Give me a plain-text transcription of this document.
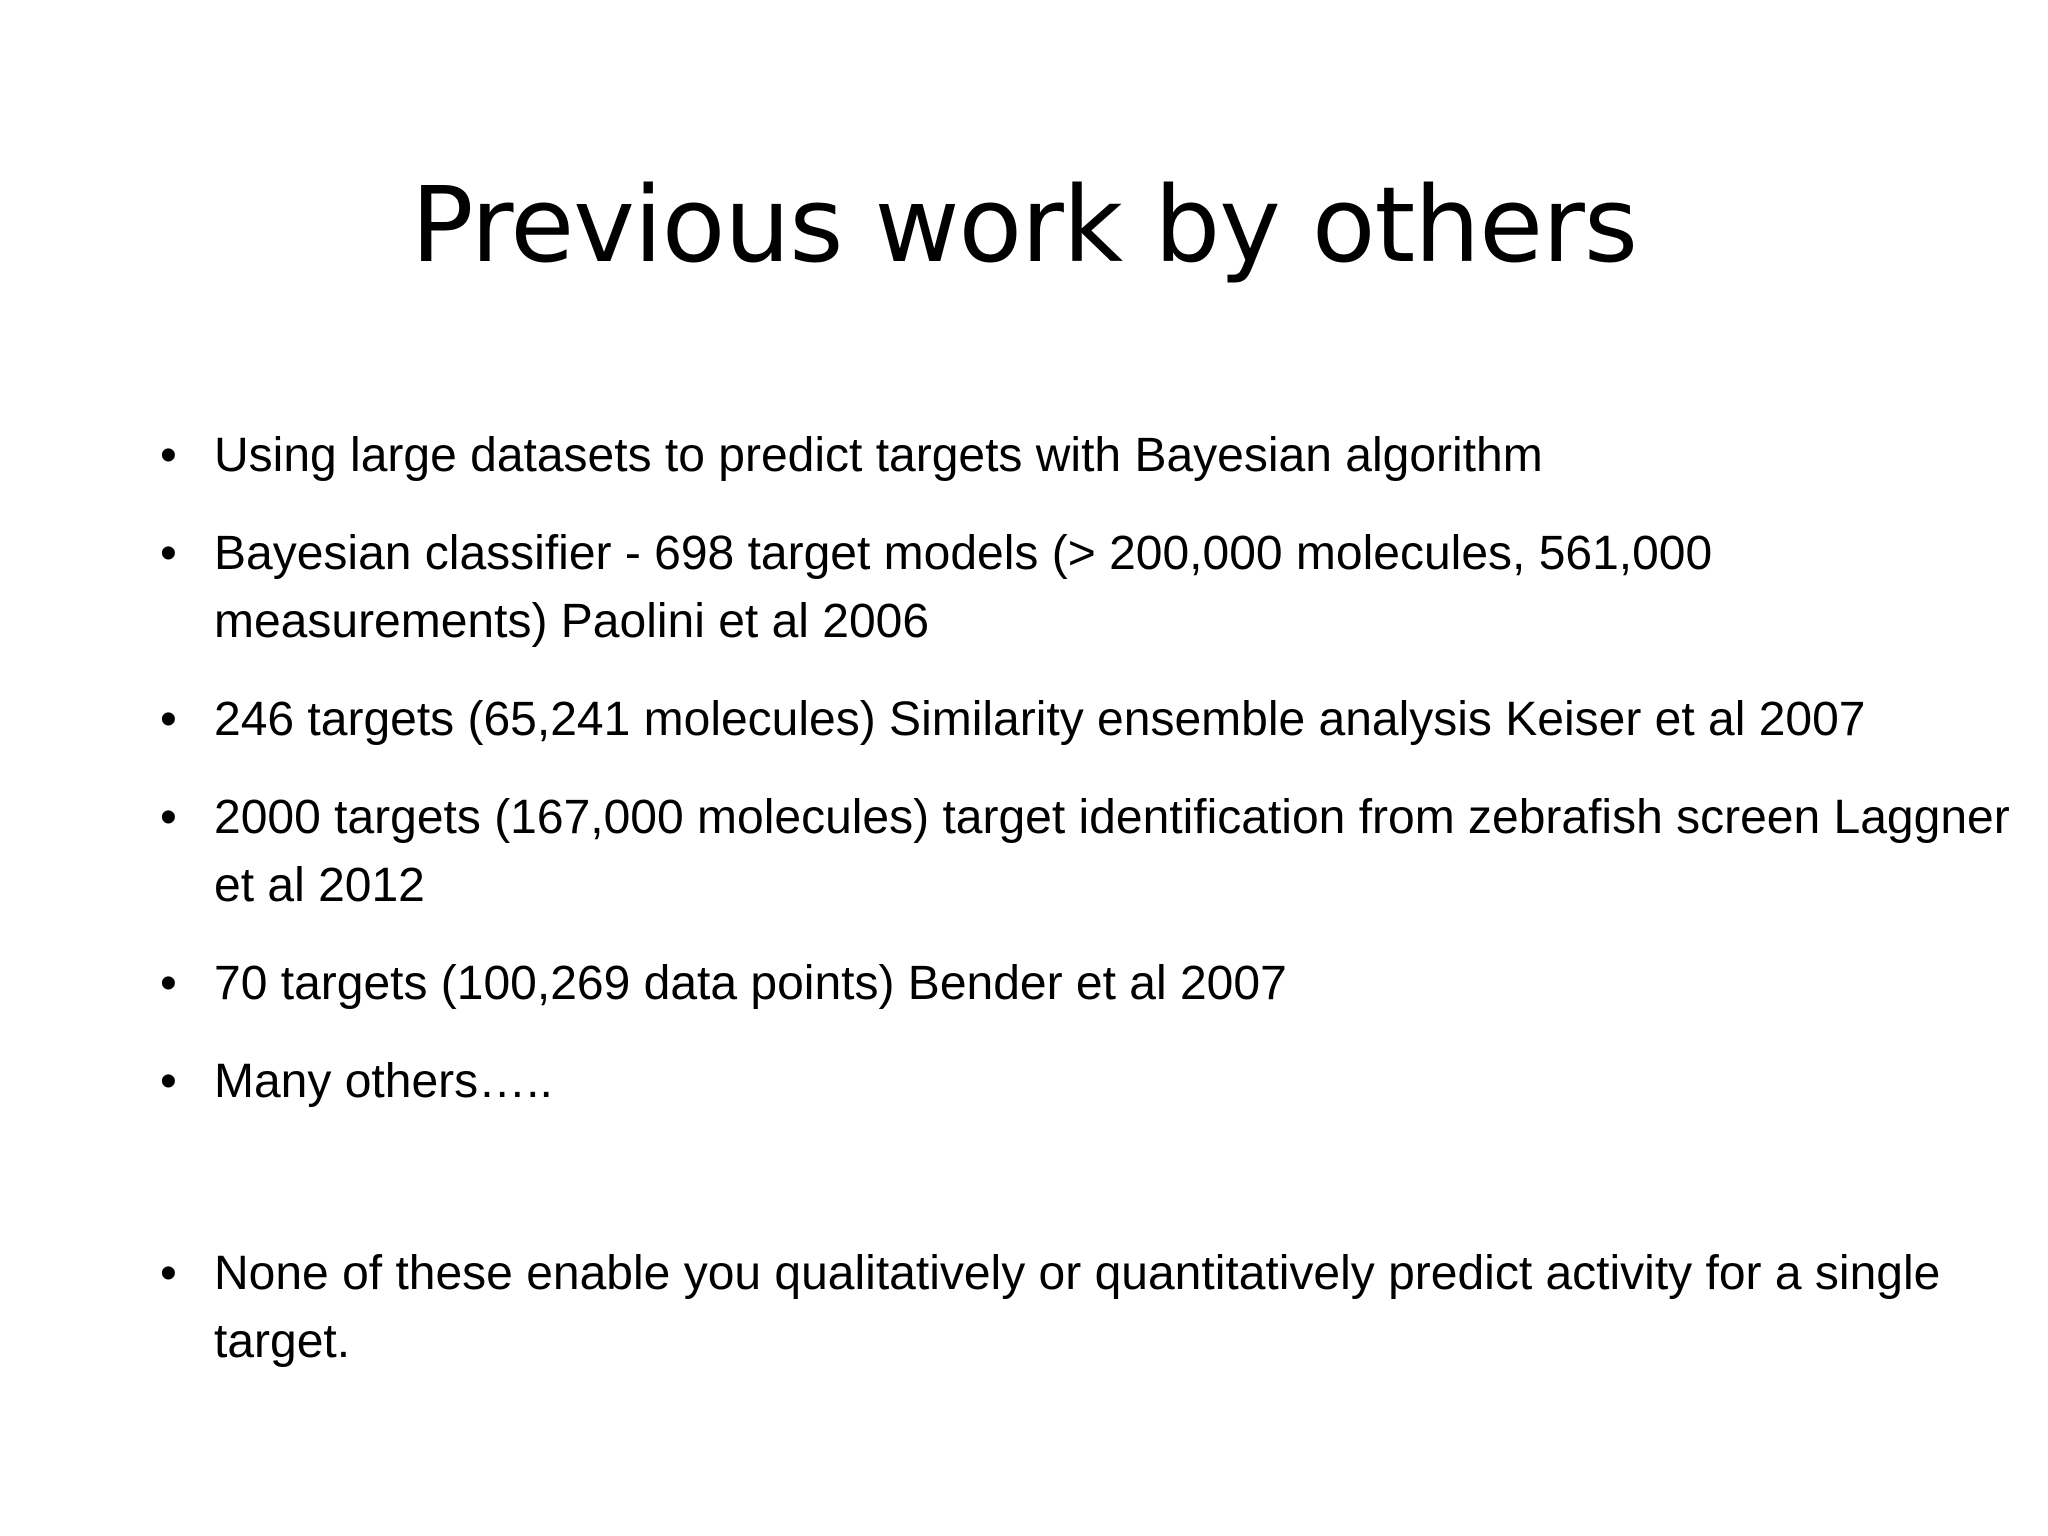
Previous work by others
• Using large datasets to predict targets with Bayesian algorithm
• Bayesian classifier - 698 target models (> 200,000 molecules, 561,000 measurements) Paolini et al 2006
• 246 targets (65,241 molecules) Similarity ensemble analysis Keiser et al 2007
• 2000 targets (167,000 molecules) target identification from zebrafish screen Laggner et al 2012
• 70 targets (100,269 data points) Bender et al 2007
• Many others…..
• None of these enable you qualitatively or quantitatively predict activity for a single target.
